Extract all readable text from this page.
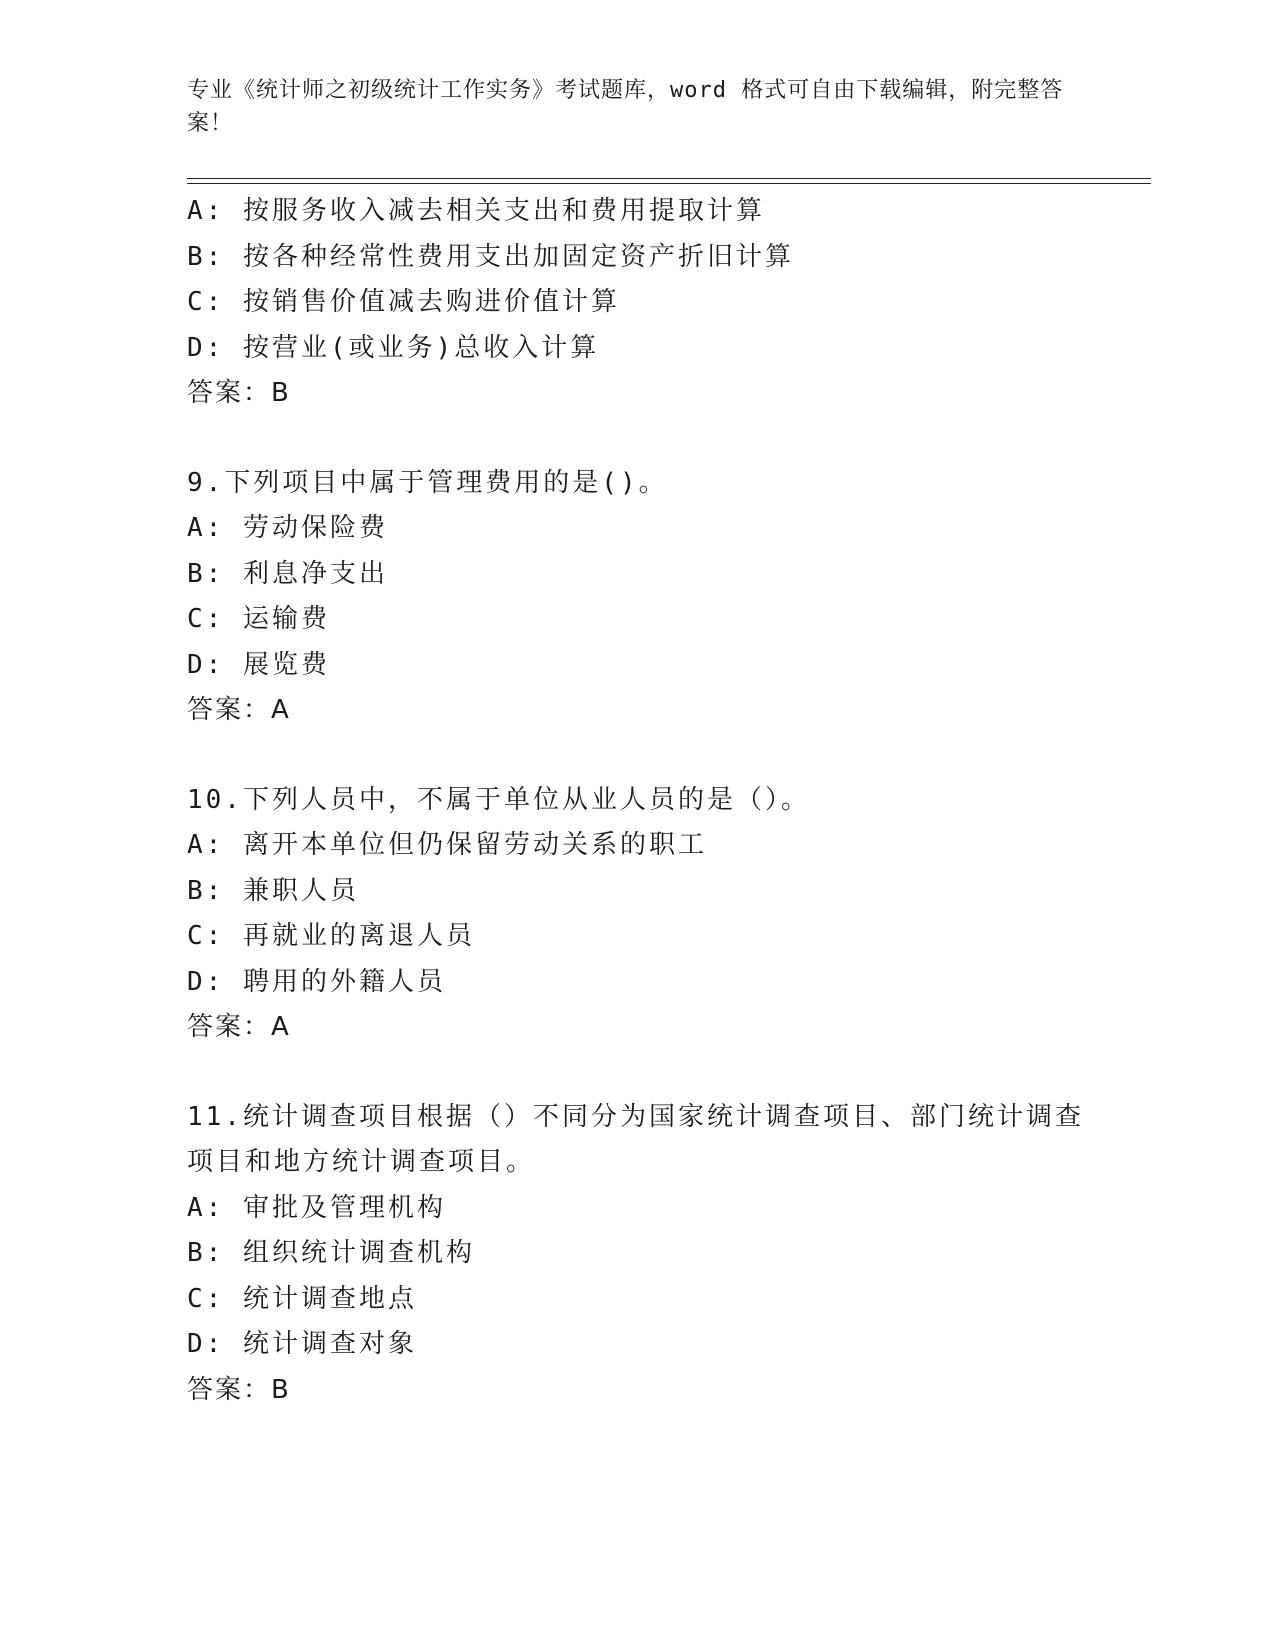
专业《统计师之初级统计工作实务》考试题库，word 格式可自由下载编辑，附完整答案！
A: 按服务收入减去相关支出和费用提取计算
B: 按各种经常性费用支出加固定资产折旧计算
C: 按销售价值减去购进价值计算
D: 按营业(或业务)总收入计算
答案：B
9.下列项目中属于管理费用的是()。
A: 劳动保险费
B: 利息净支出
C: 运输费
D: 展览费
答案：A
10.下列人员中，不属于单位从业人员的是（）。
A: 离开本单位但仍保留劳动关系的职工
B: 兼职人员
C: 再就业的离退人员
D: 聘用的外籍人员
答案：A
11.统计调查项目根据（）不同分为国家统计调查项目、部门统计调查
项目和地方统计调查项目。
A: 审批及管理机构
B: 组织统计调查机构
C: 统计调查地点
D: 统计调查对象
答案：B
